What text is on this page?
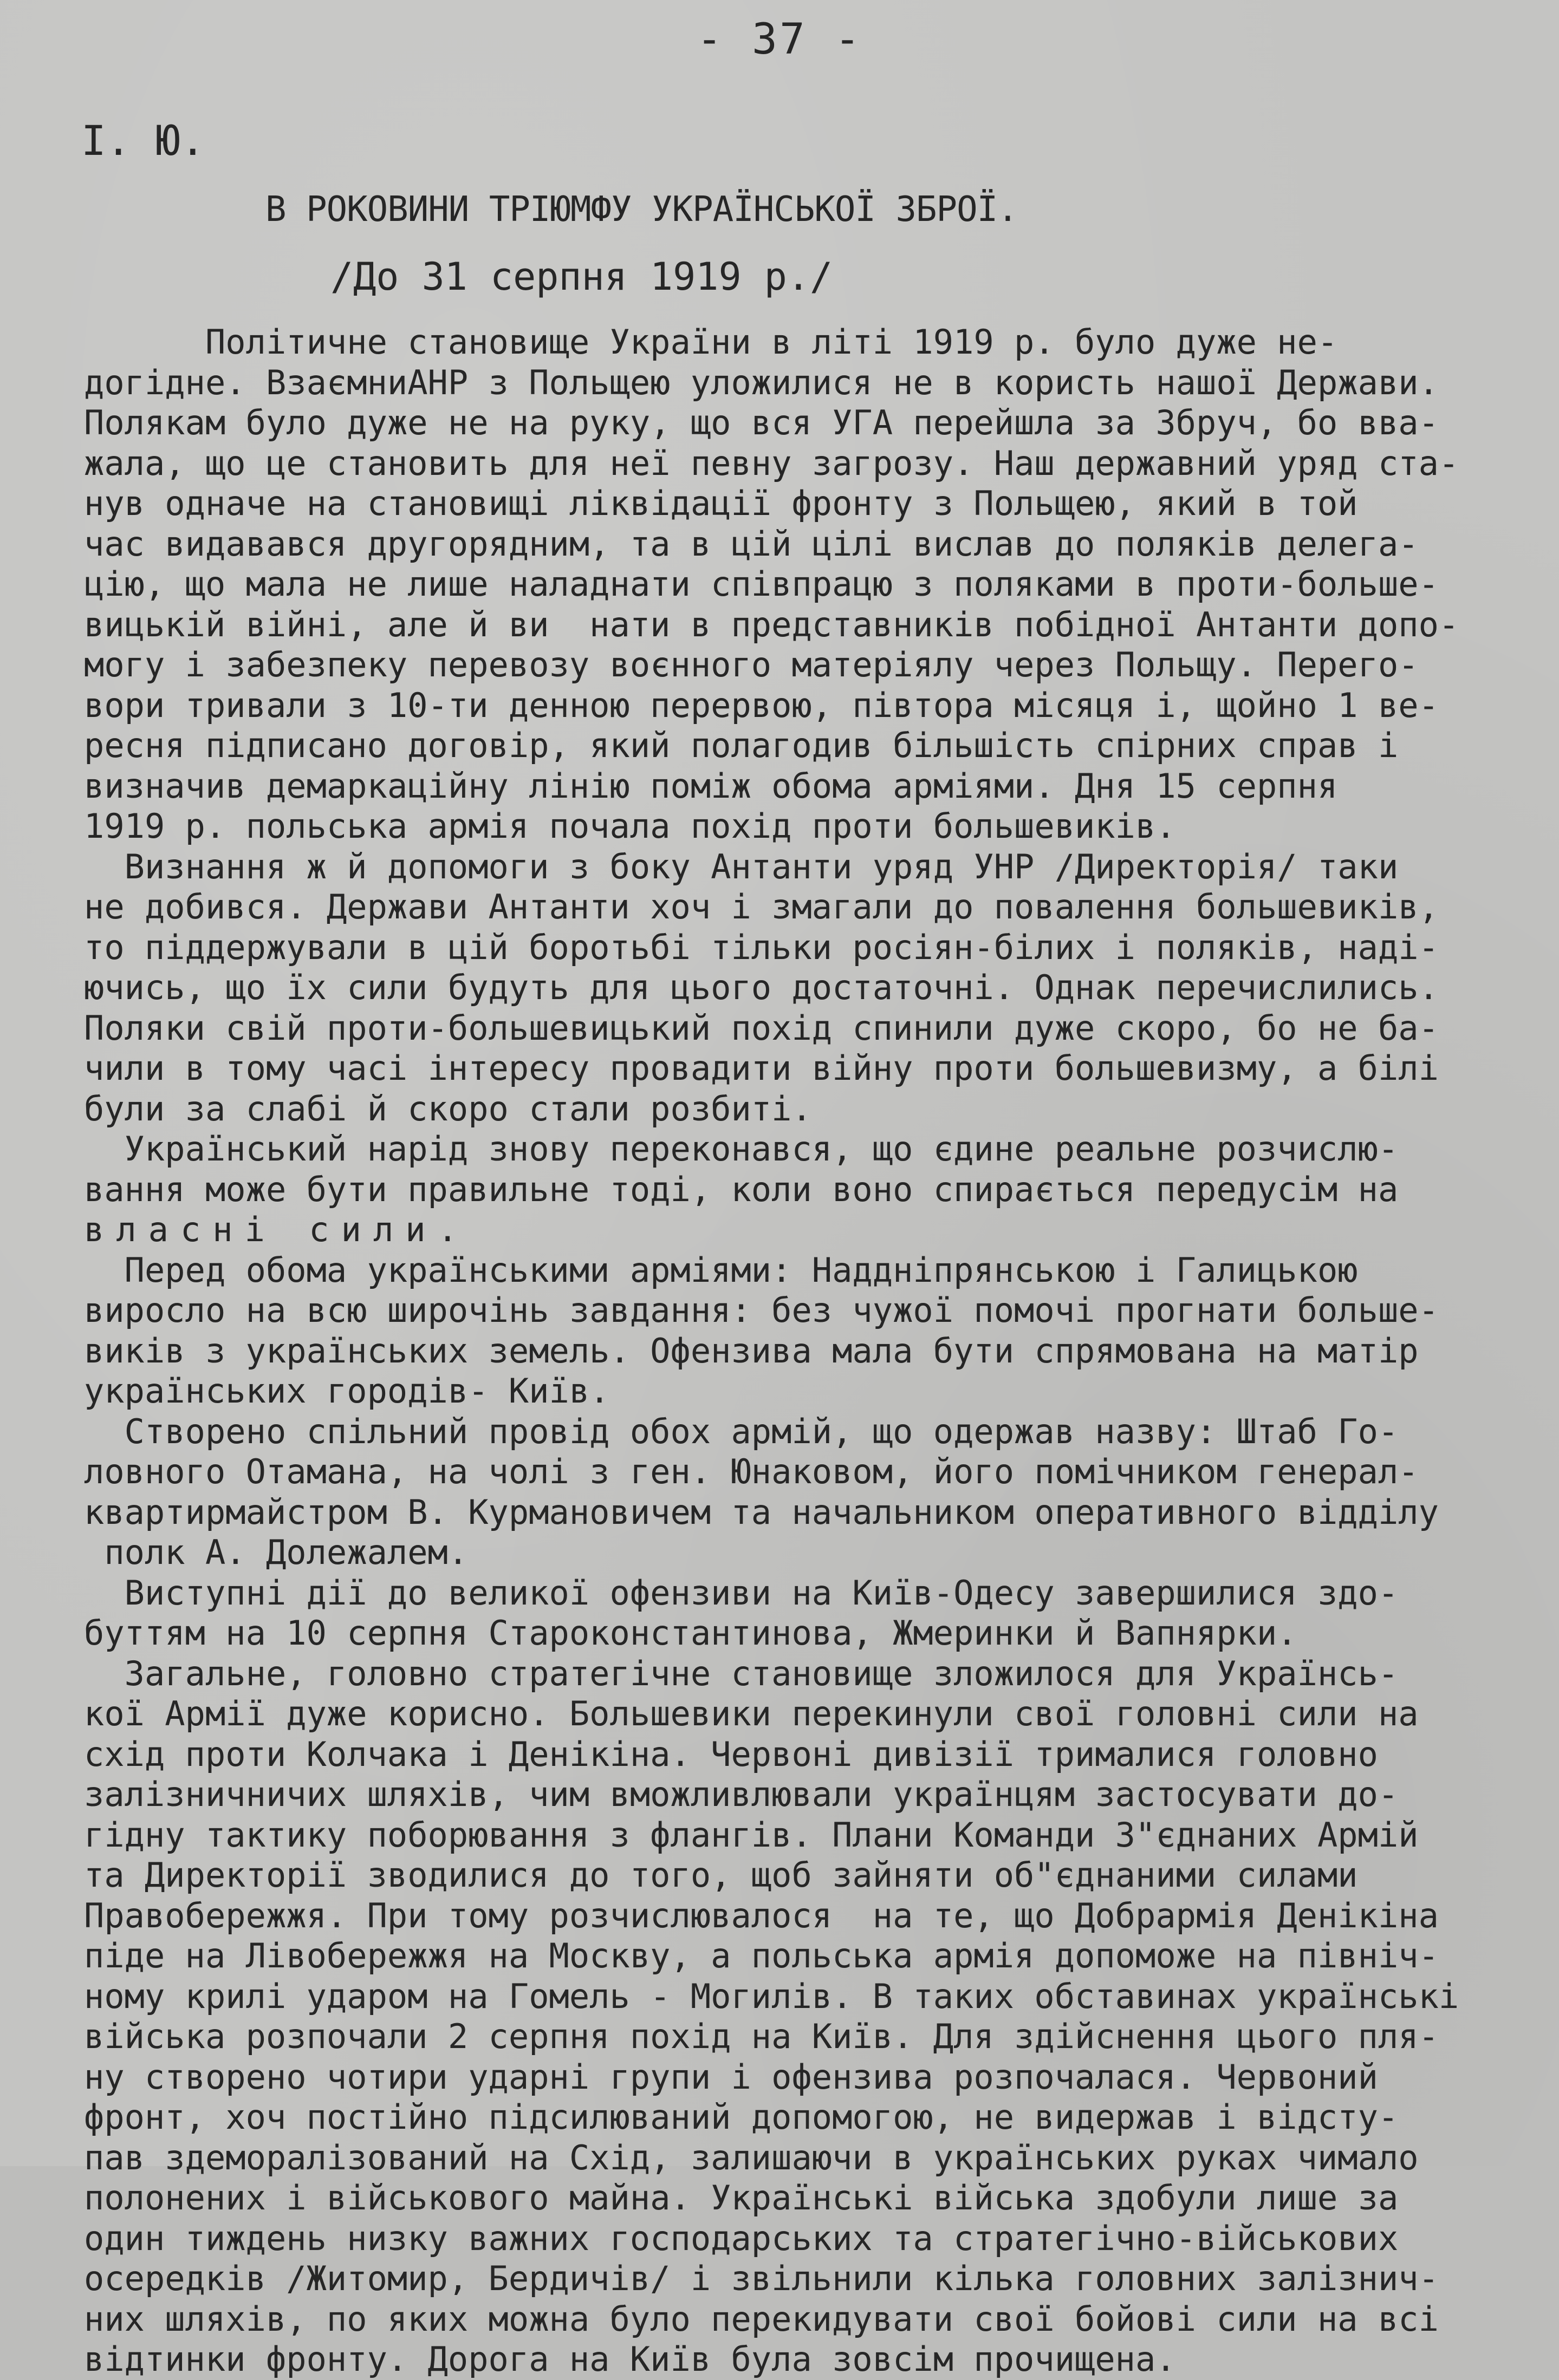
- 37 -
I. Ю.
В РОКОВИНИ ТРІЮМФУ УКРАЇНСЬКОЇ ЗБРОЇ.
/До 31 серпня 1919 р./
Політичне становище України в літі 1919 р. було дуже не-
догідне. ВзаємниАНР з Польщею уложилися не в користь нашої Держави.
Полякам було дуже не на руку, що вся УГА перейшла за Збруч, бо вва-
жала, що це становить для неї певну загрозу. Наш державний уряд ста-
нув одначе на становищі ліквідації фронту з Польщею, який в той
час видавався другорядним, та в цій цілі вислав до поляків делега-
цію, що мала не лише наладнати співпрацю з поляками в проти-больше-
вицькій війні, але й ви  нати в представників побідної Антанти допо-
могу і забезпеку перевозу воєнного матеріялу через Польщу. Перего-
вори тривали з 10-ти денною перервою, півтора місяця і, щойно 1 ве-
ресня підписано договір, який полагодив більшість спірних справ і
визначив демаркаційну лінію поміж обома арміями. Дня 15 серпня
1919 р. польська армія почала похід проти большевиків.
Визнання ж й допомоги з боку Антанти уряд УНР /Директорія/ таки
не добився. Держави Антанти хоч і змагали до повалення большевиків,
то піддержували в цій боротьбі тільки росіян-білих і поляків, наді-
ючись, що їх сили будуть для цього достаточні. Однак перечислились.
Поляки свій проти-большевицький похід спинили дуже скоро, бо не ба-
чили в тому часі інтересу провадити війну проти большевизму, а білі
були за слабі й скоро стали розбиті.
Український нарід знову переконався, що єдине реальне розчислю-
вання може бути правильне тоді, коли воно спирається передусім на
власні сили.
Перед обома українськими арміями: Наддніпрянською і Галицькою
виросло на всю широчінь завдання: без чужої помочі прогнати больше-
виків з українських земель. Офензива мала бути спрямована на матір
українських городів- Київ.
Створено спільний провід обох армій, що одержав назву: Штаб Го-
ловного Отамана, на чолі з ген. Юнаковом, його помічником генерал-
квартирмайстром В. Курмановичем та начальником оперативного відділу
полк А. Долежалем.
Виступні дії до великої офензиви на Київ-Одесу завершилися здо-
буттям на 10 серпня Староконстантинова, Жмеринки й Вапнярки.
Загальне, головно стратегічне становище зложилося для Українсь-
кої Армії дуже корисно. Большевики перекинули свої головні сили на
схід проти Колчака і Денікіна. Червоні дивізії трималися головно
залізничничих шляхів, чим вможливлювали українцям застосувати до-
гідну тактику поборювання з флангів. Плани Команди З"єднаних Армій
та Директорії зводилися до того, щоб зайняти об"єднаними силами
Правобережжя. При тому розчислювалося  на те, що Добрармія Денікіна
піде на Лівобережжя на Москву, а польська армія допоможе на північ-
ному крилі ударом на Гомель - Могилів. В таких обставинах українські
війська розпочали 2 серпня похід на Київ. Для здійснення цього пля-
ну створено чотири ударні групи і офензива розпочалася. Червоний
фронт, хоч постійно підсилюваний допомогою, не видержав і відсту-
пав здеморалізований на Схід, залишаючи в українських руках чимало
полонених і військового майна. Українські війська здобули лише за
один тиждень низку важних господарських та стратегічно-військових
осередків /Житомир, Бердичів/ і звільнили кілька головних залізнич-
них шляхів, по яких можна було перекидувати свої бойові сили на всі
відтинки фронту. Дорога на Київ була зовсім прочищена.
